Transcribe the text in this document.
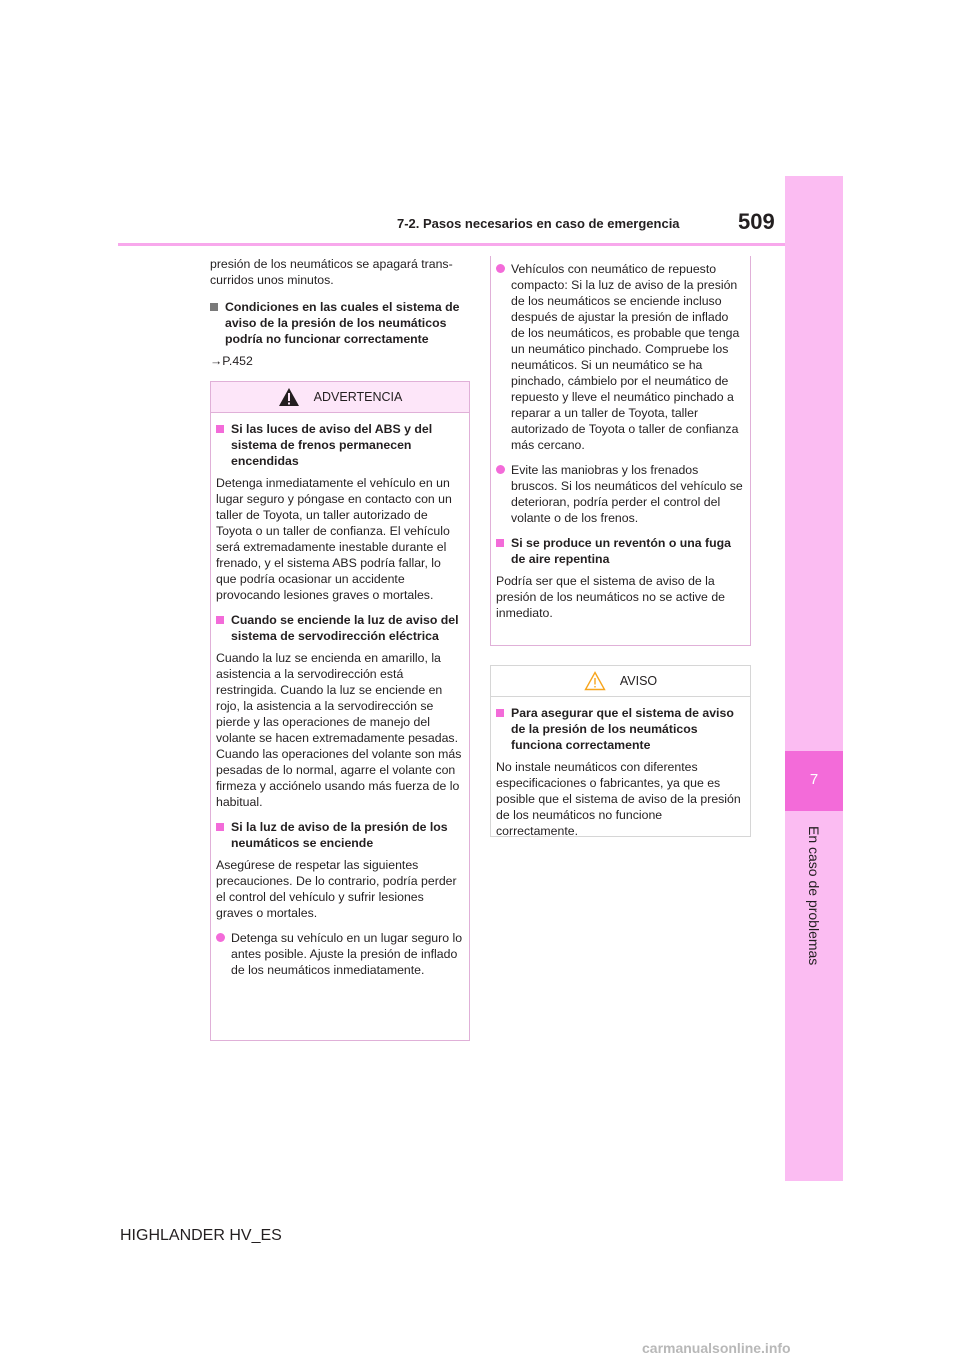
7
En caso de problemas
7-2. Pasos necesarios en caso de emergencia	509

presión de los neumáticos se apagará trans-
curridos unos minutos.

Condiciones en las cuales el sistema de aviso de la presión de los neumáticos podría no funcionar correctamente
→P.452
ADVERTENCIA
Si las luces de aviso del ABS y del sistema de frenos permanecen encendidas

Detenga inmediatamente el vehículo en un lugar seguro y póngase en contacto con un taller de Toyota, un taller autorizado de Toyota o un taller de confianza. El vehículo será extremadamente inestable durante el frenado, y el sistema ABS podría fallar, lo que podría ocasionar un accidente provocando lesiones graves o mortales.

Cuando se enciende la luz de aviso del sistema de servodirección eléctrica

Cuando la luz se encienda en amarillo, la asistencia a la servodirección está restringida. Cuando la luz se enciende en rojo, la asistencia a la servodirección se pierde y las operaciones de manejo del volante se hacen extremadamente pesadas. Cuando las operaciones del volante son más pesadas de lo normal, agarre el volante con firmeza y acciónelo usando más fuerza de lo habitual.

Si la luz de aviso de la presión de los neumáticos se enciende

Asegúrese de respetar las siguientes precauciones. De lo contrario, podría perder el control del vehículo y sufrir lesiones graves o mortales.

Detenga su vehículo en un lugar seguro lo antes posible. Ajuste la presión de inflado de los neumáticos inmediatamente.
Vehículos con neumático de repuesto compacto: Si la luz de aviso de la presión de los neumáticos se enciende incluso después de ajustar la presión de inflado de los neumáticos, es probable que tenga un neumático pinchado. Compruebe los neumáticos. Si un neumático se ha pinchado, cámbielo por el neumático de repuesto y lleve el neumático pinchado a reparar a un taller de Toyota, taller autorizado de Toyota o taller de confianza más cercano.
Evite las maniobras y los frenados bruscos. Si los neumáticos del vehículo se deterioran, podría perder el control del volante o de los frenos.
Si se produce un reventón o una fuga de aire repentina

Podría ser que el sistema de aviso de la presión de los neumáticos no se active de inmediato.

AVISO
Para asegurar que el sistema de aviso de la presión de los neumáticos funciona correctamente

No instale neumáticos con diferentes especificaciones o fabricantes, ya que es posible que el sistema de aviso de la presión de los neumáticos no funcione correctamente.

HIGHLANDER HV_ES
carmanualsonline.info
